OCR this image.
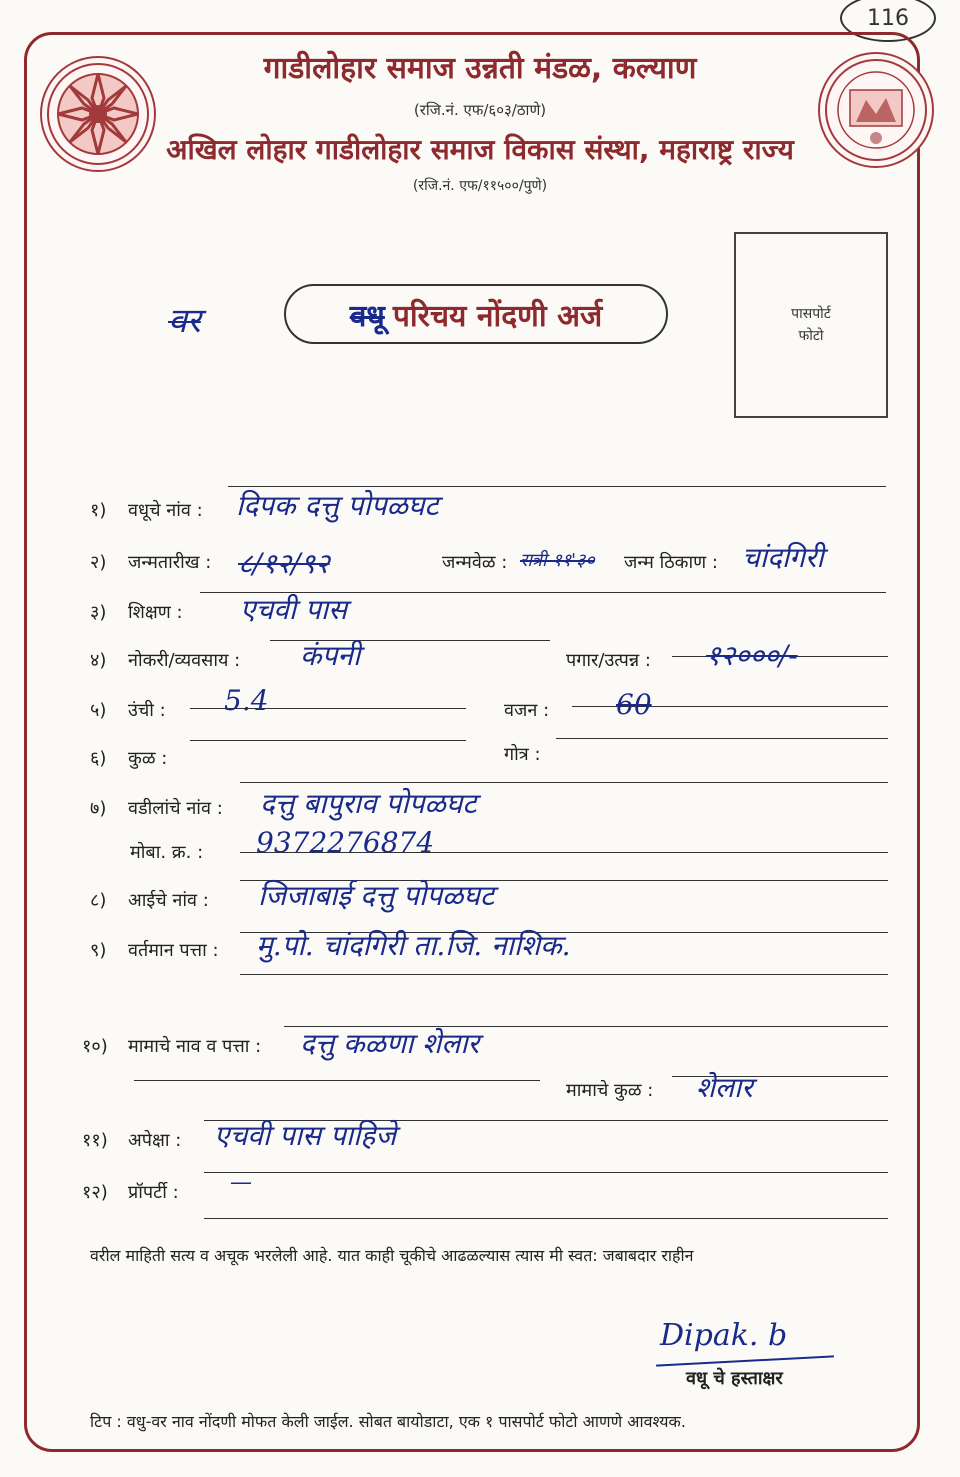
116
गाडीलोहार समाज उन्नती मंडळ, कल्याण
(रजि.नं. एफ/६०३/ठाणे)
अखिल लोहार गाडीलोहार समाज विकास संस्था, महाराष्ट्र राज्य
(रजि.नं. एफ/११५००/पुणे)
पासपोर्ट
फोटो
वर	वधू परिचय नोंदणी अर्ज
१) वधूचे नांव : दिपक दत्तु पोपळघट
२) जन्मतारीख : ८/१२/९२	जन्मवेळ : रात्री ११'३० जन्म ठिकाण : चांदगिरी
३) शिक्षण : एचवी पास
४) नोकरी/व्यवसाय : कंपनी	पगार/उत्पन्न : १२०००/-
५) उंची : 5.4	वजन : 60
६) कुळ :	गोत्र :
७) वडीलांचे नांव : दत्तु बापुराव पोपळघट
मोबा. क्र. : 9372276874
८) आईचे नांव : जिजाबाई दत्तु पोपळघट
९) वर्तमान पत्ता : मु.पो. चांदगिरी ता.जि. नाशिक.
१०) मामाचे नाव व पत्ता : दत्तु कळणा शेलार
मामाचे कुळ : शेलार
११) अपेक्षा : एचवी पास पाहिजे
१२) प्रॉपर्टी : —
वरील माहिती सत्य व अचूक भरलेली आहे. यात काही चूकीचे आढळल्यास त्यास मी स्वत: जबाबदार राहीन
Dipak. b
वधू चे हस्ताक्षर
टिप : वधु-वर नाव नोंदणी मोफत केली जाईल. सोबत बायोडाटा, एक १ पासपोर्ट फोटो आणणे आवश्यक.
